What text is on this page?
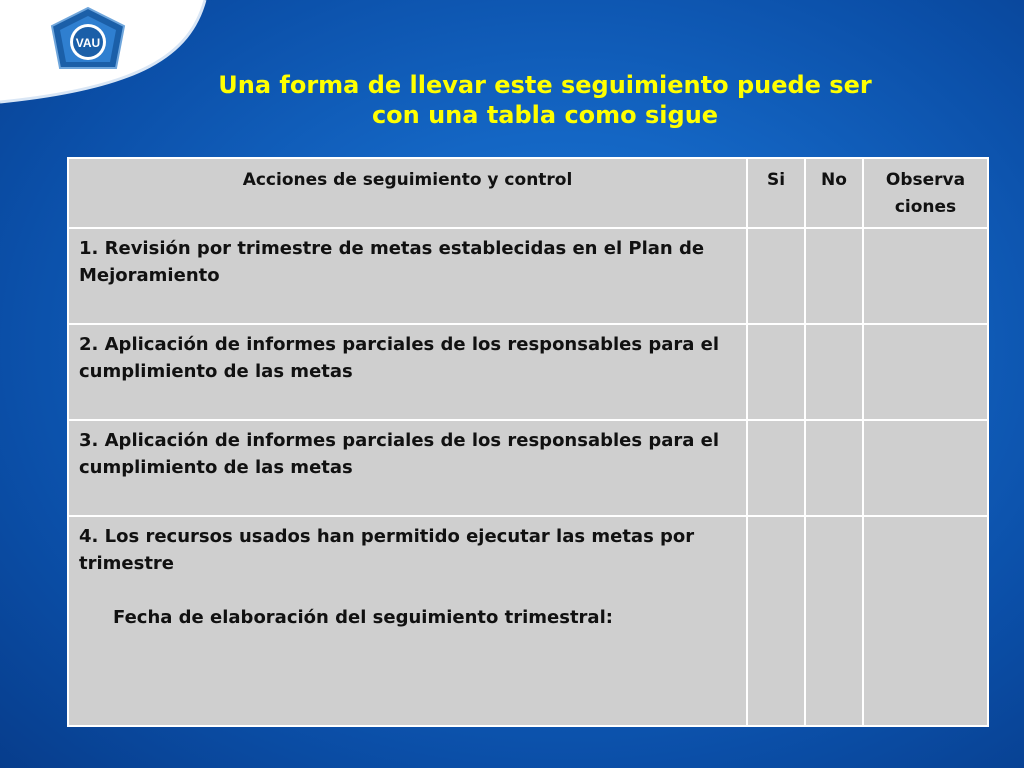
VAU
Una forma de llevar este seguimiento puede ser
con una tabla como sigue
Acciones de seguimiento y control	Si	No	Observa ciones
1. Revisión por trimestre de metas establecidas en el Plan de Mejoramiento			
2. Aplicación de informes parciales de los responsables para el cumplimiento de las metas			
3. Aplicación de informes parciales de los responsables para el cumplimiento de las metas			
4. Los recursos usados han permitido ejecutar las metas por trimestre
Fecha de elaboración del seguimiento trimestral:			
